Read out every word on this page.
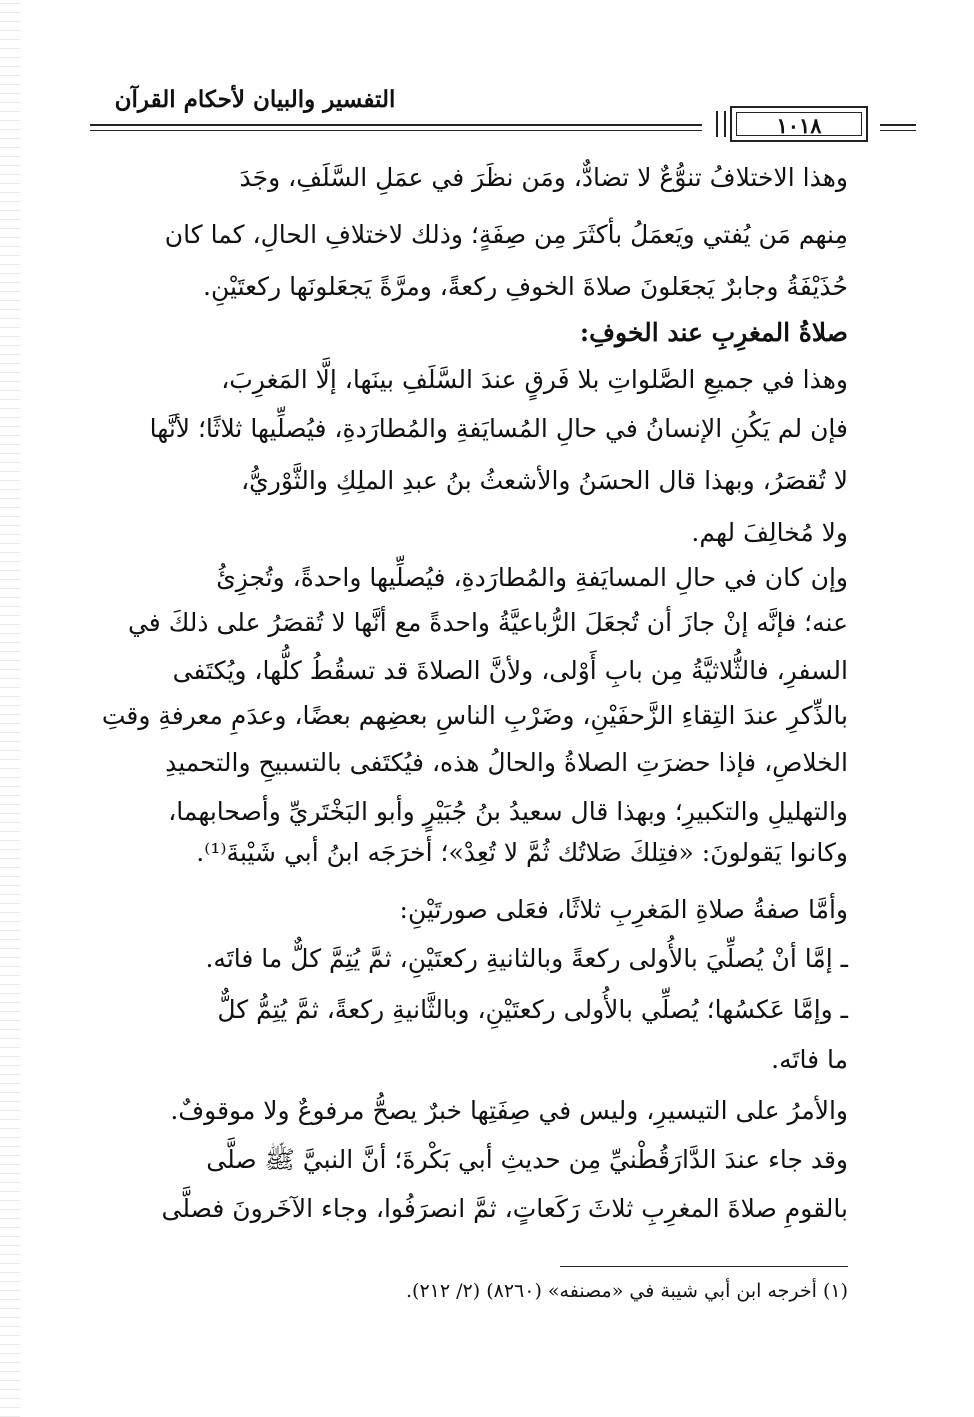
التفسير والبيان لأحكام القرآن
١٠١٨
وهذا الاختلافُ تنوُّعٌ لا تضادٌّ، ومَن نظَرَ في عمَلِ السَّلَفِ، وجَدَ
مِنهم مَن يُفتي ويَعمَلُ بأكثَرَ مِن صِفَةٍ؛ وذلك لاختلافِ الحالِ، كما كان
حُذَيْفَةُ وجابرٌ يَجعَلونَ صلاةَ الخوفِ ركعةً، ومرَّةً يَجعَلونَها ركعتَيْنِ.
صلاةُ المغرِبِ عند الخوفِ:
وهذا في جميعِ الصَّلواتِ بلا فَرقٍ عندَ السَّلَفِ بينَها، إلَّا المَغرِبَ،
فإن لم يَكُنِ الإنسانُ في حالِ المُسايَفةِ والمُطارَدةِ، فيُصلِّيها ثلاثًا؛ لأنَّها
لا تُقصَرُ، وبهذا قال الحسَنُ والأشعثُ بنُ عبدِ الملِكِ والثَّوْريُّ،
ولا مُخالِفَ لهم.
وإن كان في حالِ المسايَفةِ والمُطارَدةِ، فيُصلِّيها واحدةً، وتُجزِئُ
عنه؛ فإنَّه إنْ جازَ أن تُجعَلَ الرُّباعيَّةُ واحدةً مع أنَّها لا تُقصَرُ على ذلكَ في
السفرِ، فالثُّلاثيَّةُ مِن بابِ أَوْلى، ولأنَّ الصلاةَ قد تسقُطُ كلُّها، ويُكتَفى
بالذِّكرِ عندَ التِقاءِ الزَّحفَيْنِ، وضَرْبِ الناسِ بعضِهم بعضًا، وعدَمِ معرفةِ وقتِ
الخلاصِ، فإذا حضرَتِ الصلاةُ والحالُ هذه، فيُكتَفى بالتسبيحِ والتحميدِ
والتهليلِ والتكبيرِ؛ وبهذا قال سعيدُ بنُ جُبَيْرٍ وأبو البَخْتَريِّ وأصحابهما،
وكانوا يَقولونَ: «فتِلكَ صَلاتُك ثُمَّ لا تُعِدْ»؛ أخرَجَه ابنُ أبي شَيْبةَ⁽¹⁾.
وأمَّا صفةُ صلاةِ المَغرِبِ ثلاثًا، فعَلى صورتَيْنِ:
ـ إمَّا أنْ يُصلِّيَ بالأُولى ركعةً وبالثانيةِ ركعتَيْنِ، ثمَّ يُتِمَّ كلٌّ ما فاتَه.
ـ وإمَّا عَكسُها؛ يُصلِّي بالأُولى ركعتَيْنِ، وبالثَّانيةِ ركعةً، ثمَّ يُتِمُّ كلٌّ
ما فاتَه.
والأمرُ على التيسيرِ، وليس في صِفَتِها خبرٌ يصحُّ مرفوعٌ ولا موقوفٌ.
وقد جاء عندَ الدَّارَقُطْنيِّ مِن حديثِ أبي بَكْرةَ؛ أنَّ النبيَّ ﷺ صلَّى
بالقومِ صلاةَ المغرِبِ ثلاثَ رَكَعاتٍ، ثمَّ انصرَفُوا، وجاء الآخَرونَ فصلَّى
(١) أخرجه ابن أبي شيبة في «مصنفه» (٨٢٦٠) (٢/ ٢١٢).
